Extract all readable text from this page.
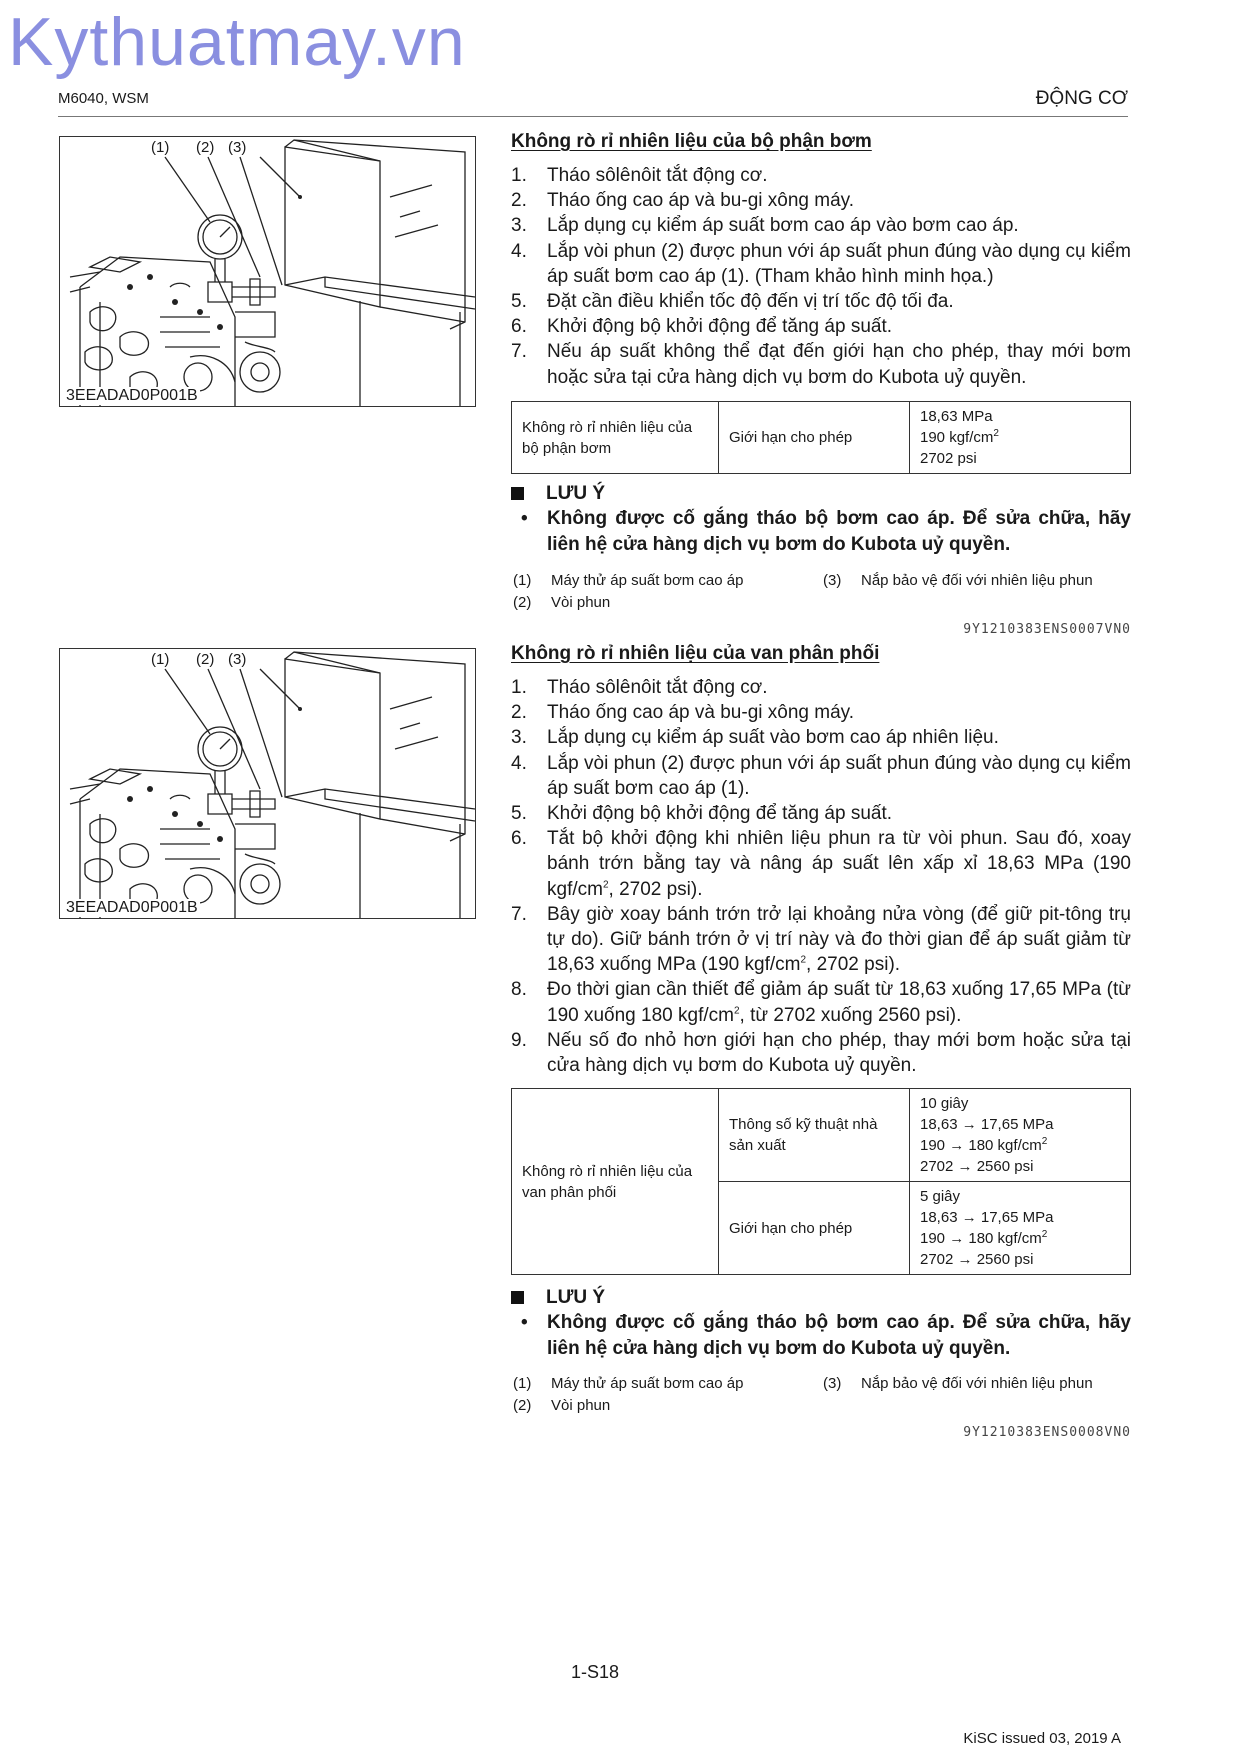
Kythuatmay.vn
M6040, WSM	ĐỘNG CƠ
(1) (2) (3)
3EEADAD0P001B
Không rò rỉ nhiên liệu của bộ phận bơm
1. Tháo sôlênôit tắt động cơ.
2. Tháo ống cao áp và bu-gi xông máy.
3. Lắp dụng cụ kiểm áp suất bơm cao áp vào bơm cao áp.
4. Lắp vòi phun (2) được phun với áp suất phun đúng vào dụng cụ kiểm áp suất bơm cao áp (1). (Tham khảo hình minh họa.)
5. Đặt cần điều khiển tốc độ đến vị trí tốc độ tối đa.
6. Khởi động bộ khởi động để tăng áp suất.
7. Nếu áp suất không thể đạt đến giới hạn cho phép, thay mới bơm hoặc sửa tại cửa hàng dịch vụ bơm do Kubota uỷ quyền.
Không rò rỉ nhiên liệu của bộ phận bơm	Giới hạn cho phép	
18,63 MPa
190 kgf/$cm^2$
2702 psi
LƯU Ý
•	Không được cố gắng tháo bộ bơm cao áp. Để sửa chữa, hãy liên hệ cửa hàng dịch vụ bơm do Kubota uỷ quyền.
(1) Máy thử áp suất bơm cao áp
(2) Vòi phun
(3) Nắp bảo vệ đối với nhiên liệu phun
9Y1210383ENS0007VN0
(1) (2) (3)
3EEADAD0P001B
Không rò rỉ nhiên liệu của van phân phối
1. Tháo sôlênôit tắt động cơ.
2. Tháo ống cao áp và bu-gi xông máy.
3. Lắp dụng cụ kiểm áp suất vào bơm cao áp nhiên liệu.
4. Lắp vòi phun (2) được phun với áp suất phun đúng vào dụng cụ kiểm áp suất bơm cao áp (1).
5. Khởi động bộ khởi động để tăng áp suất.
6. Tắt bộ khởi động khi nhiên liệu phun ra từ vòi phun. Sau đó, xoay bánh trớn bằng tay và nâng áp suất lên xấp xỉ 18,63 MPa (190 kgf/$cm^2$, 2702 psi).
7. Bây giờ xoay bánh trớn trở lại khoảng nửa vòng (để giữ pit-tông trụ tự do). Giữ bánh trớn ở vị trí này và đo thời gian để áp suất giảm từ 18,63 xuống MPa (190 kgf/$cm^2$, 2702 psi).
8. Đo thời gian cần thiết để giảm áp suất từ 18,63 xuống 17,65 MPa (từ 190 xuống 180 kgf/$cm^2$, từ 2702 xuống 2560 psi).
9. Nếu số đo nhỏ hơn giới hạn cho phép, thay mới bơm hoặc sửa tại cửa hàng dịch vụ bơm do Kubota uỷ quyền.
Không rò rỉ nhiên liệu của van phân phối	Thông số kỹ thuật nhà sản xuất	10 giây
18,63 → 17,65 MPa
190 → 180 kgf/$cm^2$
2702 → 2560 psi

	Giới hạn cho phép	5 giây
18,63 → 17,65 MPa
190 → 180 kgf/$cm^2$
2702 → 2560 psi
LƯU Ý
•	Không được cố gắng tháo bộ bơm cao áp. Để sửa chữa, hãy liên hệ cửa hàng dịch vụ bơm do Kubota uỷ quyền.
(1) Máy thử áp suất bơm cao áp
(2) Vòi phun
(3) Nắp bảo vệ đối với nhiên liệu phun
9Y1210383ENS0008VN0
1-S18
KiSC issued 03, 2019 A
